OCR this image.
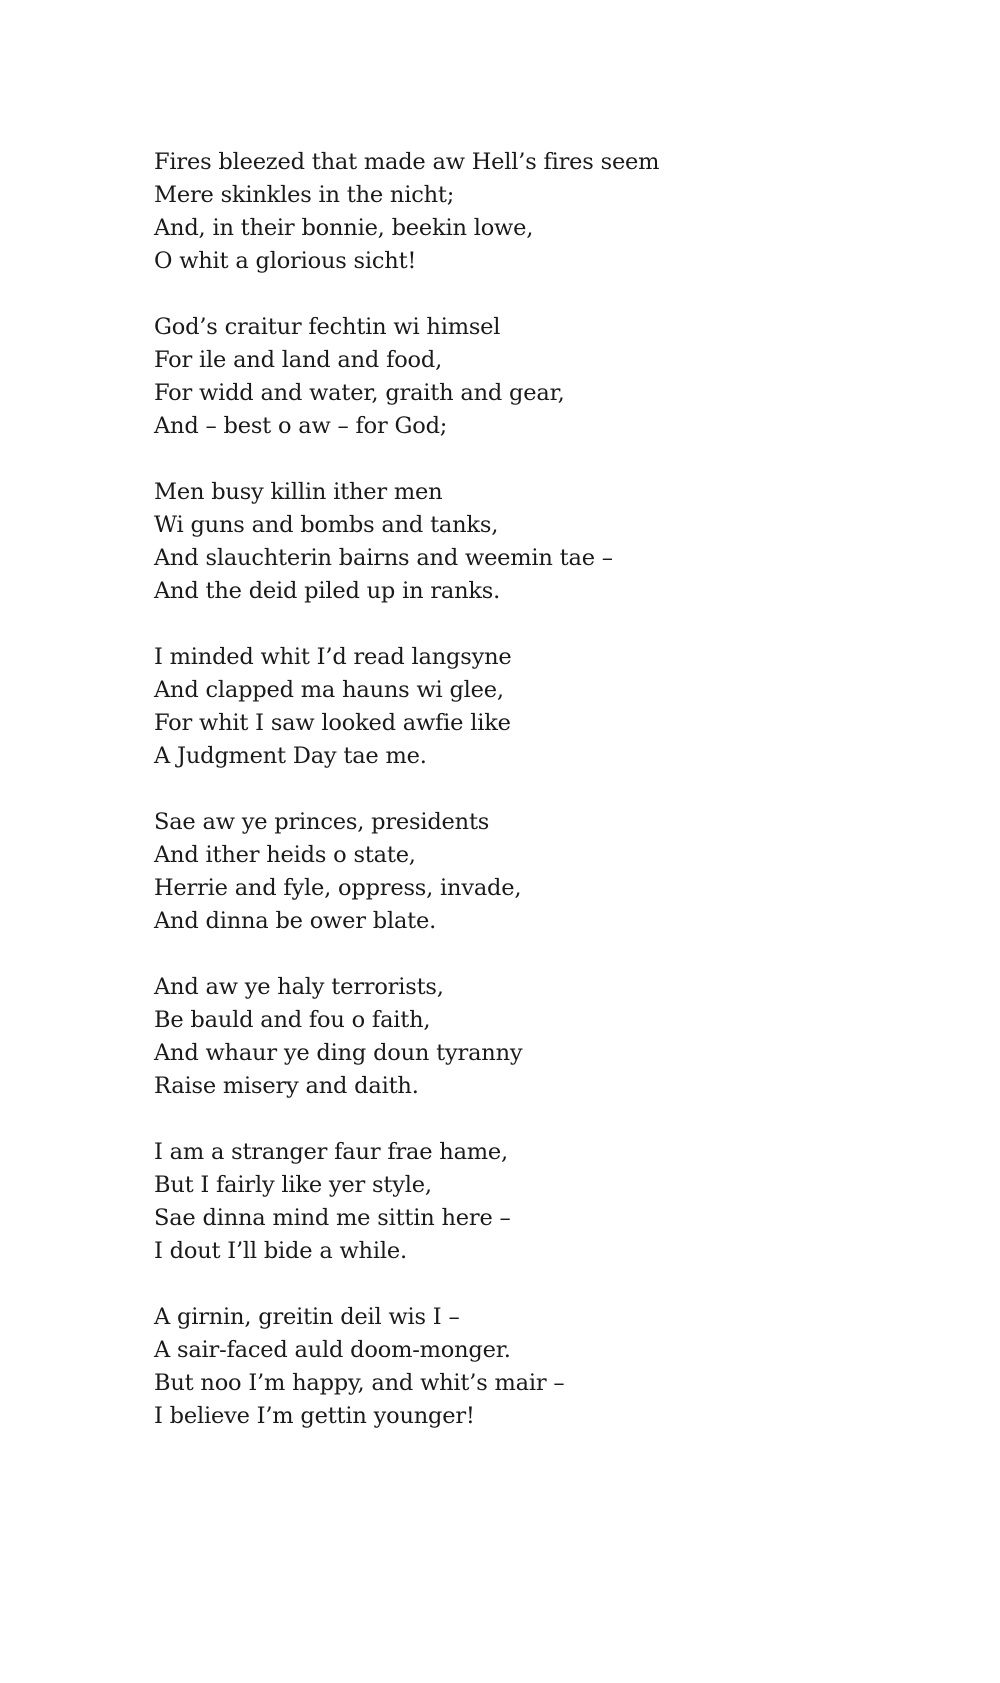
Fires bleezed that made aw Hell’s fires seem
Mere skinkles in the nicht;
And, in their bonnie, beekin lowe,
O whit a glorious sicht!
God’s craitur fechtin wi himsel
For ile and land and food,
For widd and water, graith and gear,
And – best o aw – for God;
Men busy killin ither men
Wi guns and bombs and tanks,
And slauchterin bairns and weemin tae –
And the deid piled up in ranks.
I minded whit I’d read langsyne
And clapped ma hauns wi glee,
For whit I saw looked awfie like
A Judgment Day tae me.
Sae aw ye princes, presidents
And ither heids o state,
Herrie and fyle, oppress, invade,
And dinna be ower blate.
And aw ye haly terrorists,
Be bauld and fou o faith,
And whaur ye ding doun tyranny
Raise misery and daith.
I am a stranger faur frae hame,
But I fairly like yer style,
Sae dinna mind me sittin here –
I dout I’ll bide a while.
A girnin, greitin deil wis I –
A sair-faced auld doom-monger.
But noo I’m happy, and whit’s mair –
I believe I’m gettin younger!
